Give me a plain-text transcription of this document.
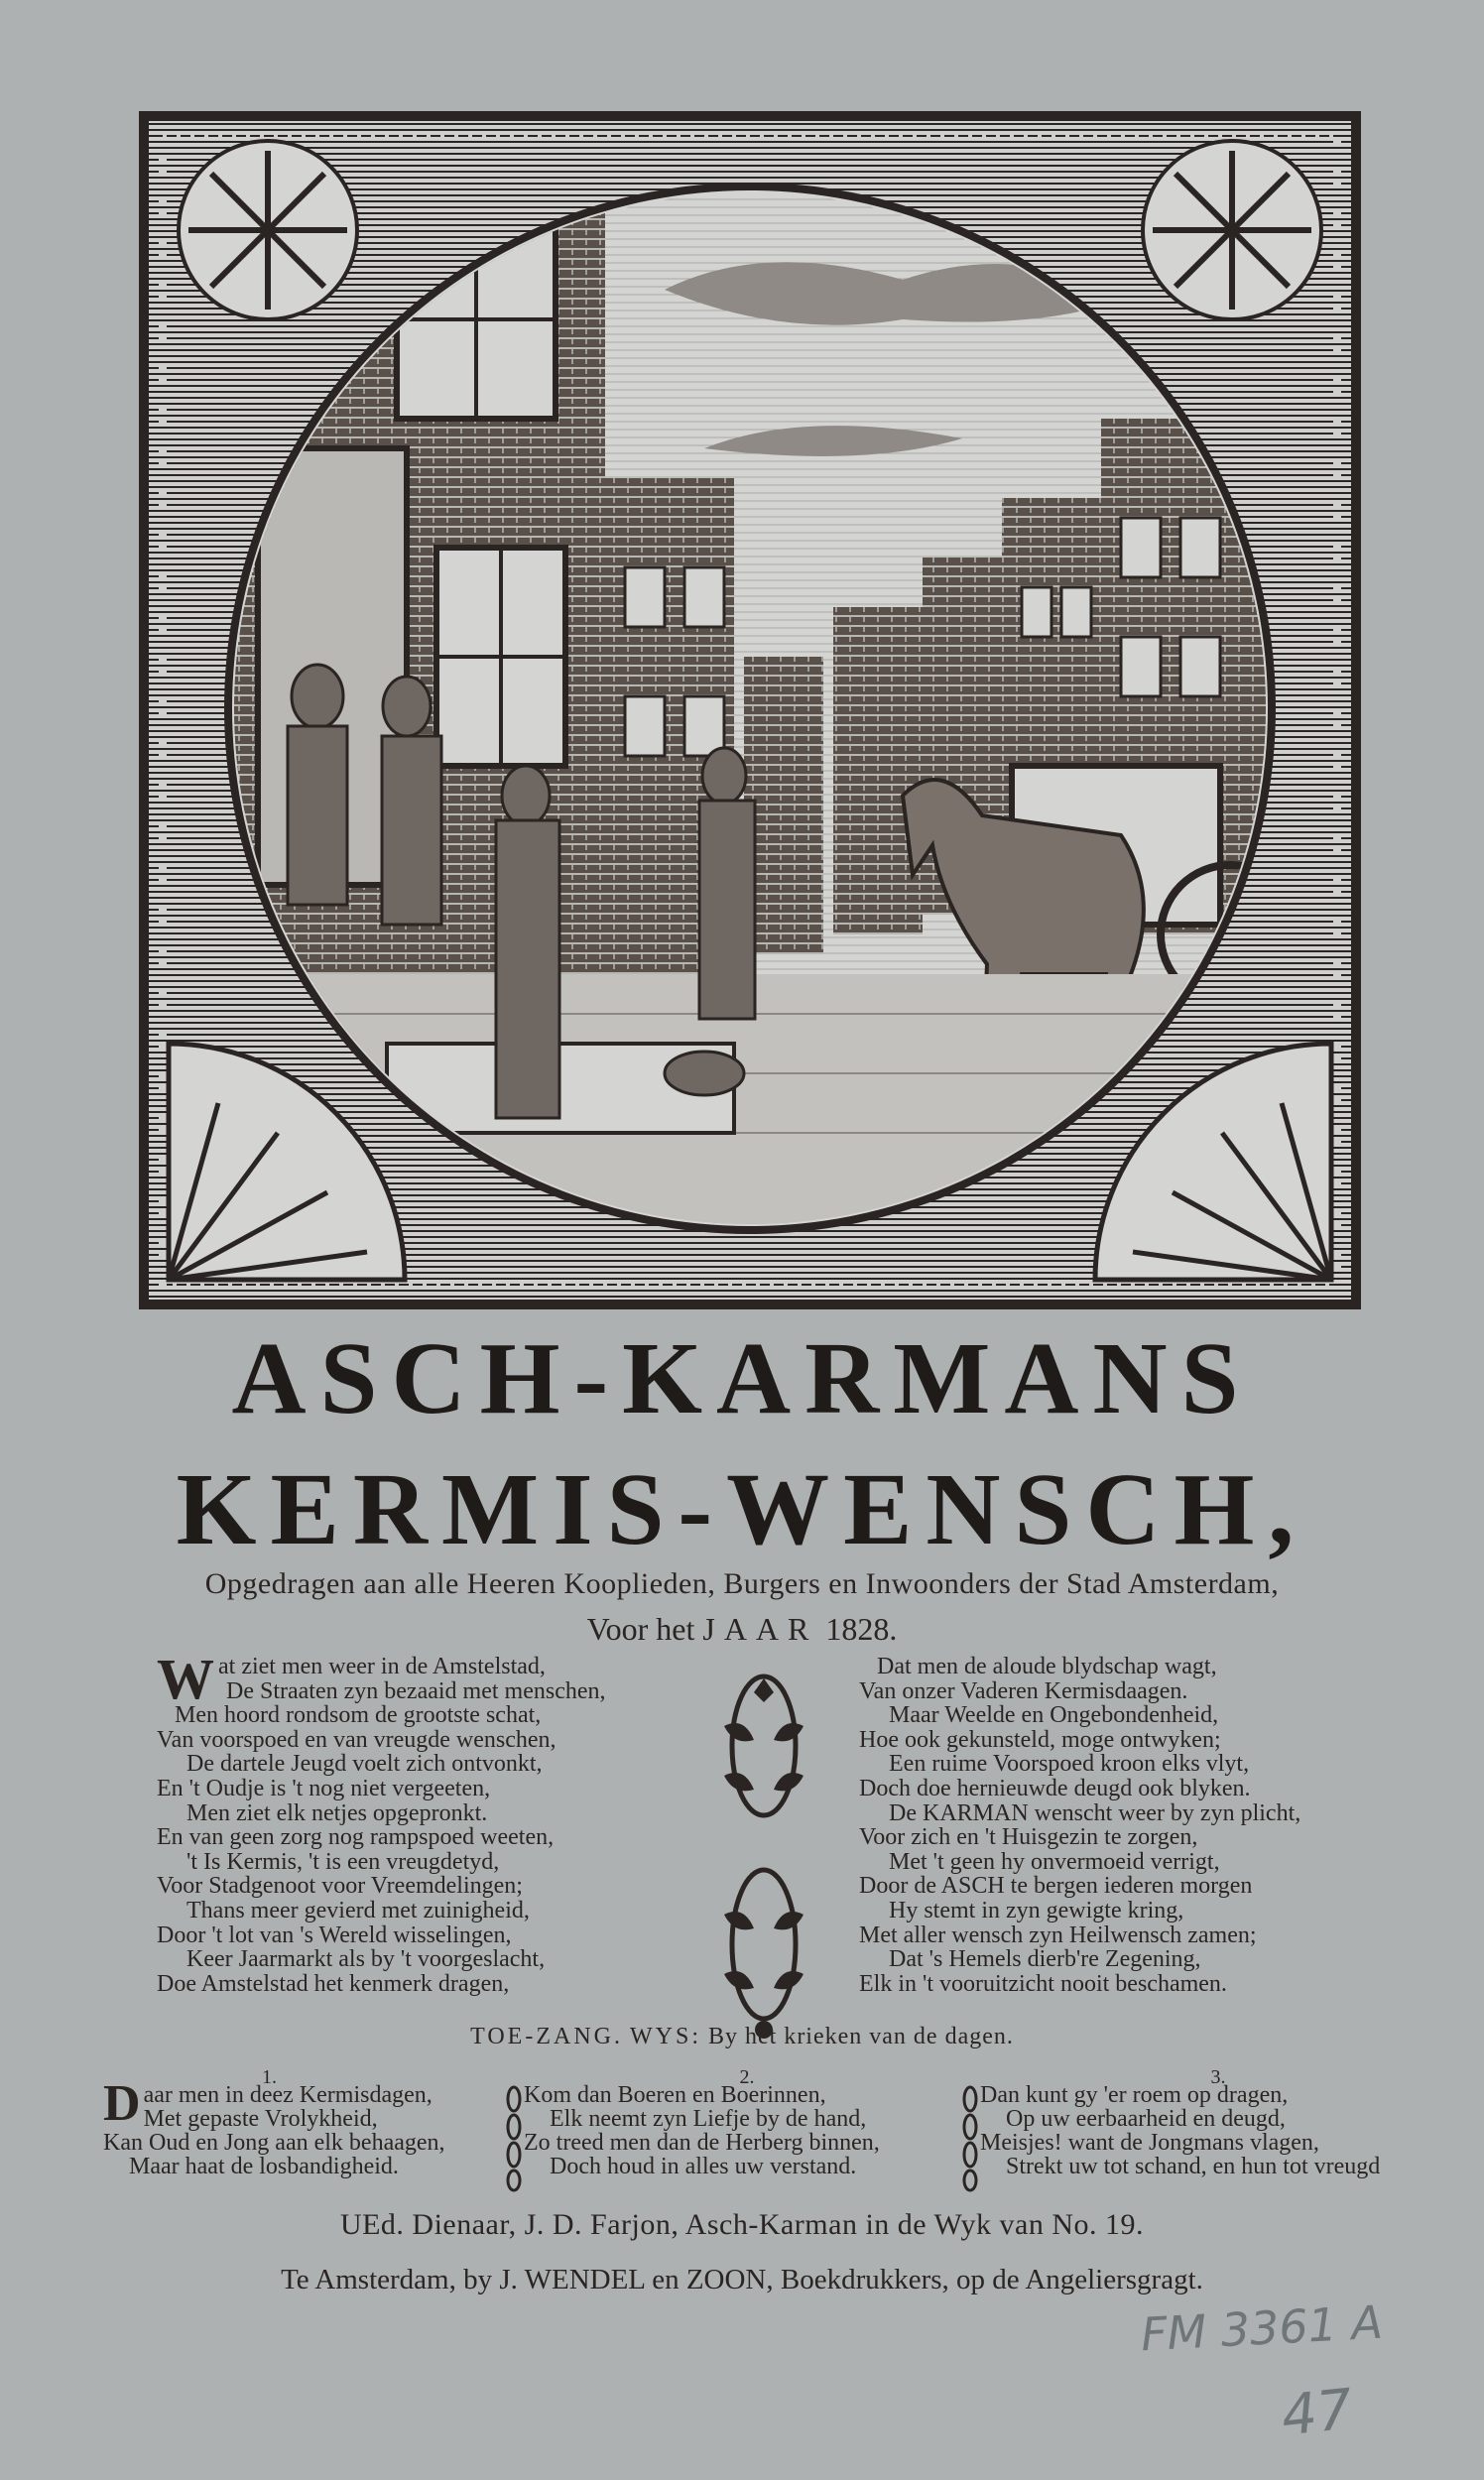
ASCH-KARMANS
KERMIS-WENSCH,
Opgedragen aan alle Heeren Kooplieden, Burgers en Inwoonders der Stad Amsterdam,
Voor het JAAR 1828.
W at ziet men weer in de Amstelstad,
De Straaten zyn bezaaid met menschen,
Men hoord rondsom de grootste schat,
Van voorspoed en van vreugde wenschen,
De dartele Jeugd voelt zich ontvonkt,
En 't Oudje is 't nog niet vergeeten,
Men ziet elk netjes opgepronkt.
En van geen zorg nog rampspoed weeten,
't Is Kermis, 't is een vreugdetyd,
Voor Stadgenoot voor Vreemdelingen;
Thans meer gevierd met zuinigheid,
Door 't lot van 's Wereld wisselingen,
Keer Jaarmarkt als by 't voorgeslacht,
Doe Amstelstad het kenmerk dragen,
Dat men de aloude blydschap wagt,
Van onzer Vaderen Kermisdaagen.
Maar Weelde en Ongebondenheid,
Hoe ook gekunsteld, moge ontwyken;
Een ruime Voorspoed kroon elks vlyt,
Doch doe hernieuwde deugd ook blyken.
De KARMAN wenscht weer by zyn plicht,
Voor zich en 't Huisgezin te zorgen,
Met 't geen hy onvermoeid verrigt,
Door de ASCH te bergen iederen morgen
Hy stemt in zyn gewigte kring,
Met aller wensch zyn Heilwensch zamen;
Dat 's Hemels dierb're Zegening,
Elk in 't vooruitzicht nooit beschamen.
TOE-ZANG. WYS: By het krieken van de dagen.
1.
D aar men in deez Kermisdagen,
Met gepaste Vrolykheid,
Kan Oud en Jong aan elk behaagen,
Maar haat de losbandigheid.
2.
Kom dan Boeren en Boerinnen,
Elk neemt zyn Liefje by de hand,
Zo treed men dan de Herberg binnen,
Doch houd in alles uw verstand.
3.
Dan kunt gy 'er roem op dragen,
Op uw eerbaarheid en deugd,
Meisjes! want de Jongmans vlagen,
Strekt uw tot schand, en hun tot vreugd
UEd. Dienaar, J. D. Farjon, Asch-Karman in de Wyk van No. 19.
Te Amsterdam, by J. WENDEL en ZOON, Boekdrukkers, op de Angeliersgragt.
FM 3361 A
47
